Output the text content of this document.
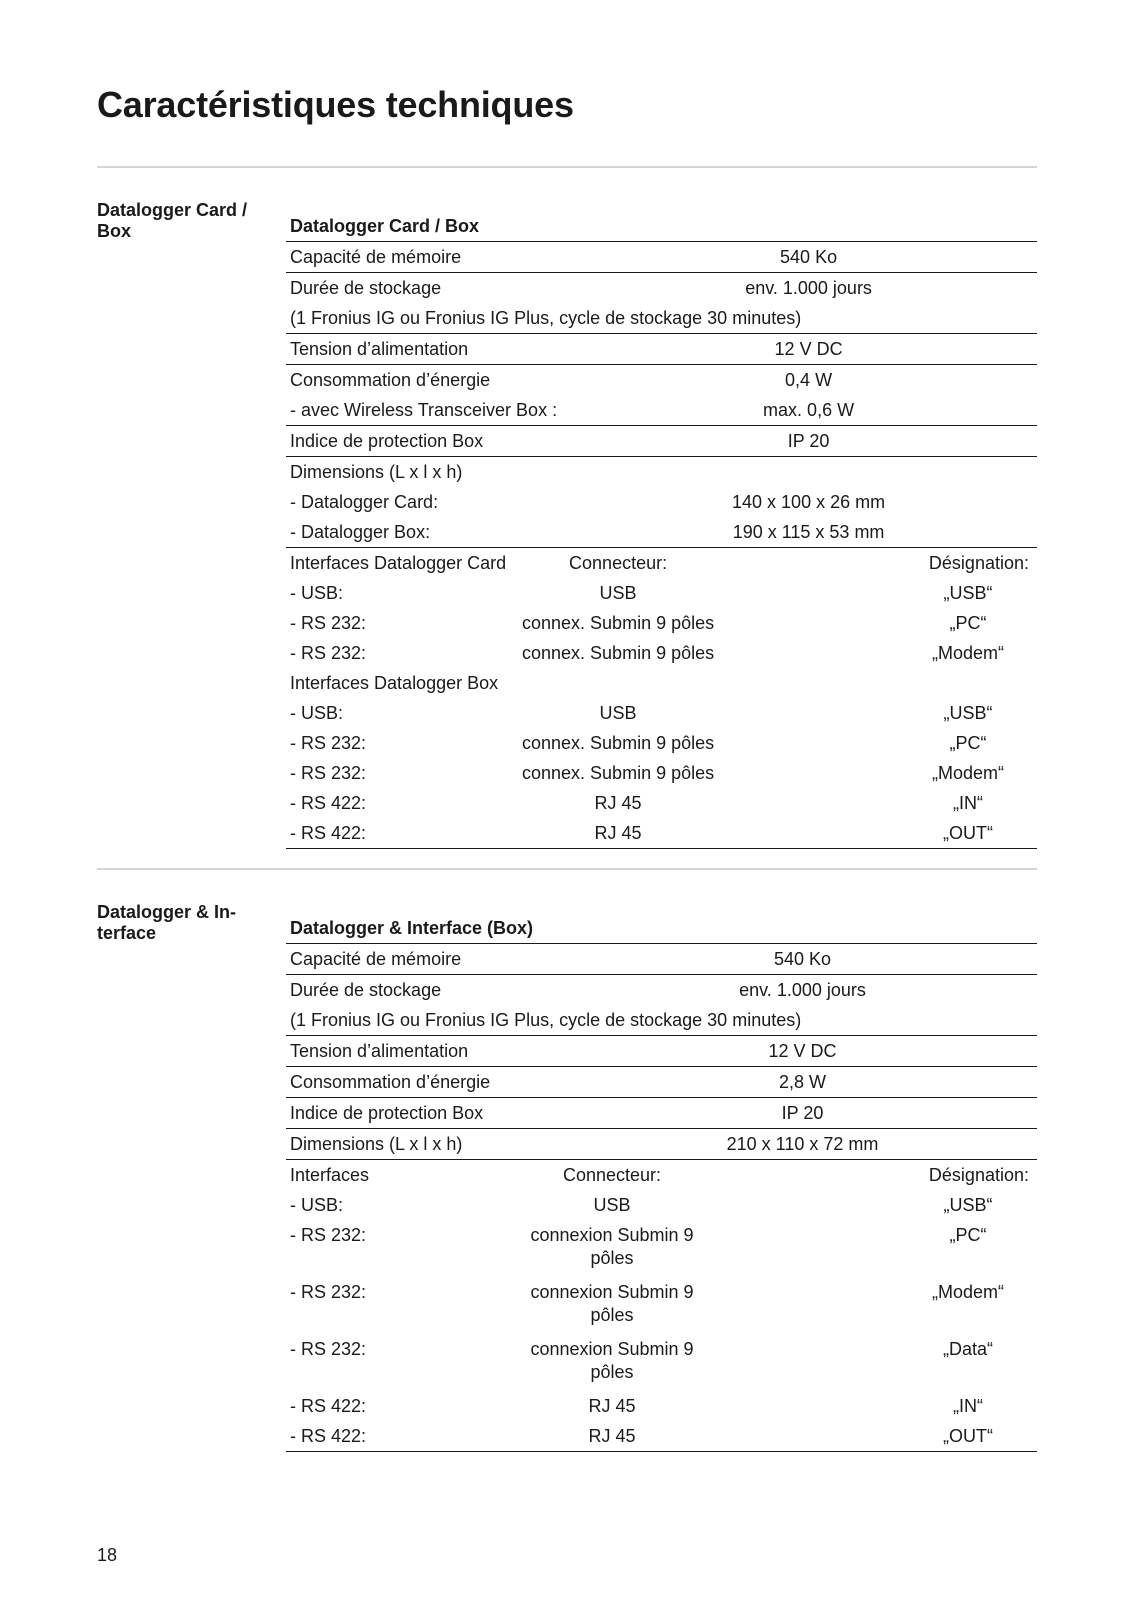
Caractéristiques techniques
Datalogger Card / Box	Datalogger Card / Box			
Capacité de mémoire		540 Ko	
Durée de stockage		env. 1.000 jours	
(1 Fronius IG ou Fronius IG Plus, cycle de stockage 30 minutes)			
Tension d’alimentation		12 V DC	
Consommation d’énergie		0,4 W	
- avec Wireless Transceiver Box :		max. 0,6 W	
Indice de protection Box		IP 20	
Dimensions (L x l x h)			
- Datalogger Card:		140 x 100 x 26 mm	
- Datalogger Box:		190 x 115 x 53 mm	
Interfaces Datalogger Card	Connecteur:		Désignation:
- USB:	USB		„USB“
- RS 232:	connex. Submin 9 pôles		„PC“
- RS 232:	connex. Submin 9 pôles		„Modem“
Interfaces Datalogger Box			
- USB:	USB		„USB“
- RS 232:	connex. Submin 9 pôles		„PC“
- RS 232:	connex. Submin 9 pôles		„Modem“
- RS 422:	RJ 45		„IN“
- RS 422:	RJ 45		„OUT“
Datalogger & In-terface	Datalogger & Interface (Box)			
Capacité de mémoire		540 Ko	
Durée de stockage		env. 1.000 jours	
(1 Fronius IG ou Fronius IG Plus, cycle de stockage 30 minutes)			
Tension d’alimentation		12 V DC	
Consommation d’énergie		2,8 W	
Indice de protection Box		IP 20	
Dimensions (L x l x h)		210 x 110 x 72 mm	
Interfaces	Connecteur:		Désignation:
- USB:	USB		„USB“
- RS 232:	connexion Submin 9 pôles		„PC“
- RS 232:	connexion Submin 9 pôles		„Modem“
- RS 232:	connexion Submin 9 pôles		„Data“
- RS 422:	RJ 45		„IN“
- RS 422:	RJ 45		„OUT“
18
